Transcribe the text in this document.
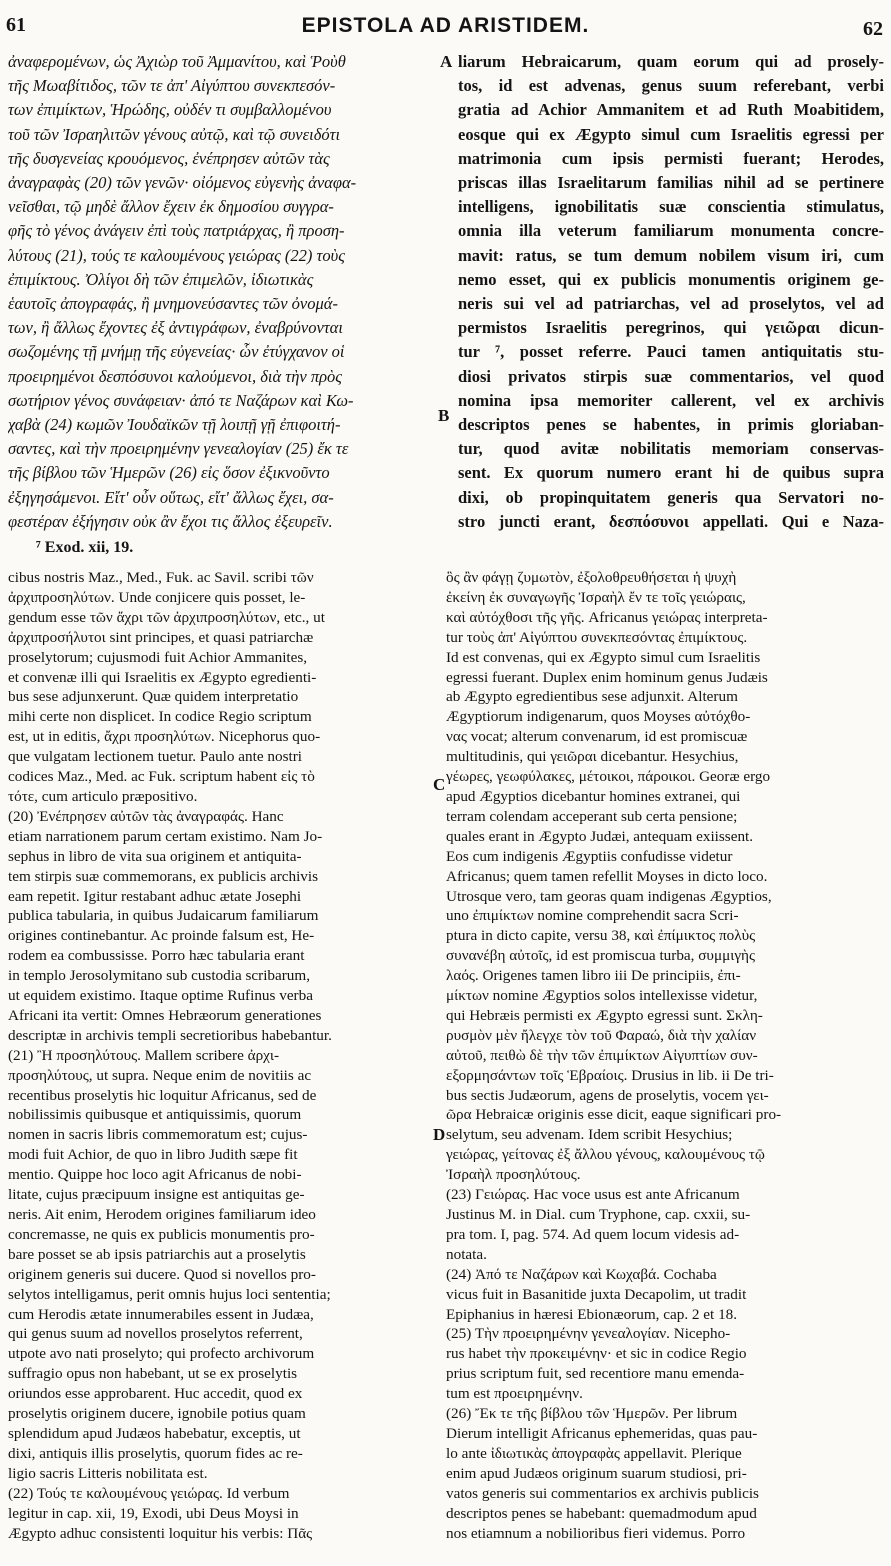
61	EPISTOLA AD ARISTIDEM.	62
ἀναφερομένων, ὡς Ἀχιὼρ τοῦ Ἀμμανίτου, καὶ Ῥοὺθ
τῆς Μωαβίτιδος, τῶν τε ἀπ' Αἰγύπτου συνεκπεσόν-
των ἐπιμίκτων, Ἡρώδης, οὐδέν τι συμβαλλομένου
τοῦ τῶν Ἰσραηλιτῶν γένους αὐτῷ, καὶ τῷ συνειδότι
τῆς δυσγενείας κρουόμενος, ἐνέπρησεν αὐτῶν τὰς
ἀναγραφὰς (20) τῶν γενῶν· οἰόμενος εὐγενὴς ἀναφα-
νεῖσθαι, τῷ μηδὲ ἄλλον ἔχειν ἐκ δημοσίου συγγρα-
φῆς τὸ γένος ἀνάγειν ἐπὶ τοὺς πατριάρχας, ἢ προση-
λύτους (21), τούς τε καλουμένους γειώρας (22) τοὺς
ἐπιμίκτους. Ὀλίγοι δὴ τῶν ἐπιμελῶν, ἰδιωτικὰς
ἑαυτοῖς ἀπογραφάς, ἢ μνημονεύσαντες τῶν ὀνομά-
των, ἢ ἄλλως ἔχοντες ἐξ ἀντιγράφων, ἐναβρύνονται
σωζομένης τῇ μνήμῃ τῆς εὐγενείας· ὧν ἐτύγχανον οἱ
προειρημένοι δεσπόσυνοι καλούμενοι, διὰ τὴν πρὸς
σωτήριον γένος συνάφειαν· ἀπό τε Ναζάρων καὶ Κω-
χαβὰ (24) κωμῶν Ἰουδαϊκῶν τῇ λοιπῇ γῇ ἐπιφοιτή-
σαντες, καὶ τὴν προειρημένην γενεαλογίαν (25) ἔκ τε
τῆς βίβλου τῶν Ἡμερῶν (26) εἰς ὅσον ἐξικνοῦντο
ἐξηγησάμενοι. Εἴτ' οὖν οὕτως, εἴτ' ἄλλως ἔχει, σα-
φεστέραν ἐξήγησιν οὐκ ἂν ἔχοι τις ἄλλος ἐξευρεῖν.
liarum Hebraicarum, quam eorum qui ad prosely-
tos, id est advenas, genus suum referebant, verbi
gratia ad Achior Ammanitem et ad Ruth Moabitidem,
eosque qui ex Ægypto simul cum Israelitis egressi per
matrimonia cum ipsis permisti fuerant; Herodes,
priscas illas Israelitarum familias nihil ad se pertinere
intelligens, ignobilitatis suæ conscientia stimulatus,
omnia illa veterum familiarum monumenta concre-
mavit: ratus, se tum demum nobilem visum iri, cum
nemo esset, qui ex publicis monumentis originem ge-
neris sui vel ad patriarchas, vel ad proselytos, vel ad
permistos Israelitis peregrinos, qui γειῶραι dicun-
tur ⁷, posset referre. Pauci tamen antiquitatis stu-
diosi privatos stirpis suæ commentarios, vel quod
nomina ipsa memoriter callerent, vel ex archivis
descriptos penes se habentes, in primis gloriaban-
tur, quod avitæ nobilitatis memoriam conservas-
sent. Ex quorum numero erant hi de quibus supra
dixi, ob propinquitatem generis qua Servatori no-
stro juncti erant, δεσπόσυνοι appellati. Qui e Naza-
⁷ Exod. xii, 19.
A
B
C
D
cibus nostris Maz., Med., Fuk. ac Savil. scribi τῶν
ἀρχιπροσηλύτων. Unde conjicere quis posset, le-
gendum esse τῶν ἄχρι τῶν ἀρχιπροσηλύτων, etc., ut
ἀρχιπροσήλυτοι sint principes, et quasi patriarchæ
proselytorum; cujusmodi fuit Achior Ammanites,
et convenæ illi qui Israelitis ex Ægypto egredienti-
bus sese adjunxerunt. Quæ quidem interpretatio
mihi certe non displicet. In codice Regio scriptum
est, ut in editis, ἄχρι προσηλύτων. Nicephorus quo-
que vulgatam lectionem tuetur. Paulo ante nostri
codices Maz., Med. ac Fuk. scriptum habent εἰς τὸ
τότε, cum articulo præpositivo.
(20) Ἐνέπρησεν αὐτῶν τὰς ἀναγραφάς. Hanc
etiam narrationem parum certam existimo. Nam Jo-
sephus in libro de vita sua originem et antiquita-
tem stirpis suæ commemorans, ex publicis archivis
eam repetit. Igitur restabant adhuc ætate Josephi
publica tabularia, in quibus Judaicarum familiarum
origines continebantur. Ac proinde falsum est, He-
rodem ea combussisse. Porro hæc tabularia erant
in templo Jerosolymitano sub custodia scribarum,
ut equidem existimo. Itaque optime Rufinus verba
Africani ita vertit: Omnes Hebræorum generationes
descriptæ in archivis templi secretioribus habebantur.
(21) Ἢ προσηλύτους. Mallem scribere ἀρχι-
προσηλύτους, ut supra. Neque enim de novitiis ac
recentibus proselytis hic loquitur Africanus, sed de
nobilissimis quibusque et antiquissimis, quorum
nomen in sacris libris commemoratum est; cujus-
modi fuit Achior, de quo in libro Judith sæpe fit
mentio. Quippe hoc loco agit Africanus de nobi-
litate, cujus præcipuum insigne est antiquitas ge-
neris. Ait enim, Herodem origines familiarum ideo
concremasse, ne quis ex publicis monumentis pro-
bare posset se ab ipsis patriarchis aut a proselytis
originem generis sui ducere. Quod si novellos pro-
selytos intelligamus, perit omnis hujus loci sententia;
cum Herodis ætate innumerabiles essent in Judæa,
qui genus suum ad novellos proselytos referrent,
utpote avo nati proselyto; qui profecto archivorum
suffragio opus non habebant, ut se ex proselytis
oriundos esse approbarent. Huc accedit, quod ex
proselytis originem ducere, ignobile potius quam
splendidum apud Judæos habebatur, exceptis, ut
dixi, antiquis illis proselytis, quorum fides ac re-
ligio sacris Litteris nobilitata est.
(22) Τούς τε καλουμένους γειώρας. Id verbum
legitur in cap. xii, 19, Exodi, ubi Deus Moysi in
Ægypto adhuc consistenti loquitur his verbis: Πᾶς
ὃς ἂν φάγῃ ζυμωτὸν, ἐξολοθρευθήσεται ἡ ψυχὴ
ἐκείνη ἐκ συναγωγῆς Ἰσραὴλ ἔν τε τοῖς γειώραις,
καὶ αὐτόχθοσι τῆς γῆς. Africanus γειώρας interpreta-
tur τοὺς ἀπ' Αἰγύπτου συνεκπεσόντας ἐπιμίκτους.
Id est convenas, qui ex Ægypto simul cum Israelitis
egressi fuerant. Duplex enim hominum genus Judæis
ab Ægypto egredientibus sese adjunxit. Alterum
Ægyptiorum indigenarum, quos Moyses αὐτόχθο-
νας vocat; alterum convenarum, id est promiscuæ
multitudinis, qui γειῶραι dicebantur. Hesychius,
γέωρες, γεωφύλακες, μέτοικοι, πάροικοι. Georæ ergo
apud Ægyptios dicebantur homines extranei, qui
terram colendam acceperant sub certa pensione;
quales erant in Ægypto Judæi, antequam exiissent.
Eos cum indigenis Ægyptiis confudisse videtur
Africanus; quem tamen refellit Moyses in dicto loco.
Utrosque vero, tam georas quam indigenas Ægyptios,
uno ἐπιμίκτων nomine comprehendit sacra Scri-
ptura in dicto capite, versu 38, καὶ ἐπίμικτος πολὺς
συνανέβη αὐτοῖς, id est promiscua turba, συμμιγὴς
λαός. Origenes tamen libro iii De principiis, ἐπι-
μίκτων nomine Ægyptios solos intellexisse videtur,
qui Hebræis permisti ex Ægypto egressi sunt. Σκλη-
ρυσμὸν μὲν ἤλεγχε τὸν τοῦ Φαραώ, διὰ τὴν χαλίαν
αὐτοῦ, πειθὼ δὲ τὴν τῶν ἐπιμίκτων Αἰγυπτίων συν-
εξορμησάντων τοῖς Ἑβραίοις. Drusius in lib. ii De tri-
bus sectis Judæorum, agens de proselytis, vocem γει-
ῶρα Hebraicæ originis esse dicit, eaque significari pro-
selytum, seu advenam. Idem scribit Hesychius;
γειώρας, γείτονας ἐξ ἄλλου γένους, καλουμένους τῷ
Ἰσραὴλ προσηλύτους.
(23) Γειώρας. Hac voce usus est ante Africanum
Justinus M. in Dial. cum Tryphone, cap. cxxii, su-
pra tom. I, pag. 574. Ad quem locum videsis ad-
notata.
(24) Ἀπό τε Ναζάρων καὶ Κωχαβά. Cochaba
vicus fuit in Basanitide juxta Decapolim, ut tradit
Epiphanius in hæresi Ebionæorum, cap. 2 et 18.
(25) Τὴν προειρημένην γενεαλογίαν. Nicepho-
rus habet τὴν προκειμένην· et sic in codice Regio
prius scriptum fuit, sed recentiore manu emenda-
tum est προειρημένην.
(26) Ἔκ τε τῆς βίβλου τῶν Ἡμερῶν. Per librum
Dierum intelligit Africanus ephemeridas, quas pau-
lo ante ἰδιωτικὰς ἀπογραφὰς appellavit. Plerique
enim apud Judæos originum suarum studiosi, pri-
vatos generis sui commentarios ex archivis publicis
descriptos penes se habebant: quemadmodum apud
nos etiamnum a nobilioribus fieri videmus. Porro
